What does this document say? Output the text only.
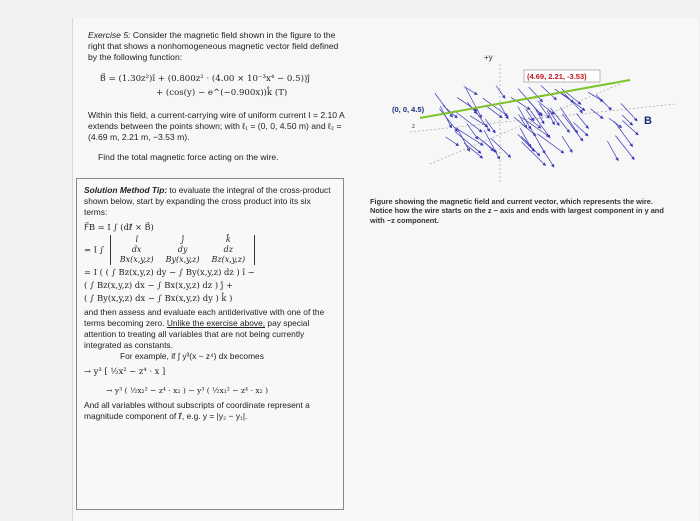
Exercise 5: Consider the magnetic field shown in the figure to the right that shows a nonhomogeneous magnetic vector field defined by the following function:

B⃗ = (1.30z²)î + (0.800z² · (4.00 × 10⁻³x⁴ − 0.5))ĵ
+ (cos(y) − e^(−0.900x))k̂ (T)

Within this field, a current-carrying wire of uniform current I = 2.10 A extends between the points shown; with ℓ₁ = (0, 0, 4.50 m) and ℓ₂ = (4.69 m, 2.21 m, −3.53 m).

Find the total magnetic force acting on the wire.

Solution Method Tip: to evaluate the integral of the cross-product shown below, start by expanding the cross product into its six terms:
F⃗B = I ∫ (dℓ⃗ × B⃗)
= I ∫
î	ĵ	k̂
dx	dy	dz
Bx(x,y,z)	By(x,y,z)	Bz(x,y,z)
= I ( ( ∫ Bz(x,y,z) dy − ∫ By(x,y,z) dz ) î −
( ∫ Bz(x,y,z) dx − ∫ Bx(x,y,z) dz ) ĵ +
( ∫ By(x,y,z) dx − ∫ Bx(x,y,z) dy ) k̂ )
and then assess and evaluate each antiderivative with one of the terms becoming zero. Unlike the exercise above, pay special attention to treating all variables that are not being currently integrated as constants.
For example, if ∫ y³(x − z⁴) dx becomes
→ y³ [ ½x² − z⁴ · x ]
→ y³ ( ½x₂² − z⁴ · x₂ ) − y³ ( ½x₁² − z⁴ · x₂ )
And all variables without subscripts of coordinate represent a magnitude component of ℓ⃗, e.g. y = |y₂ − y₁|.
+y
z
(0, 0, 4.5)
(4.69, 2.21, -3.53)
B
Figure showing the magnetic field and current vector, which represents the wire. Notice how the wire starts on the z − axis and ends with largest component in y and with −z component.
